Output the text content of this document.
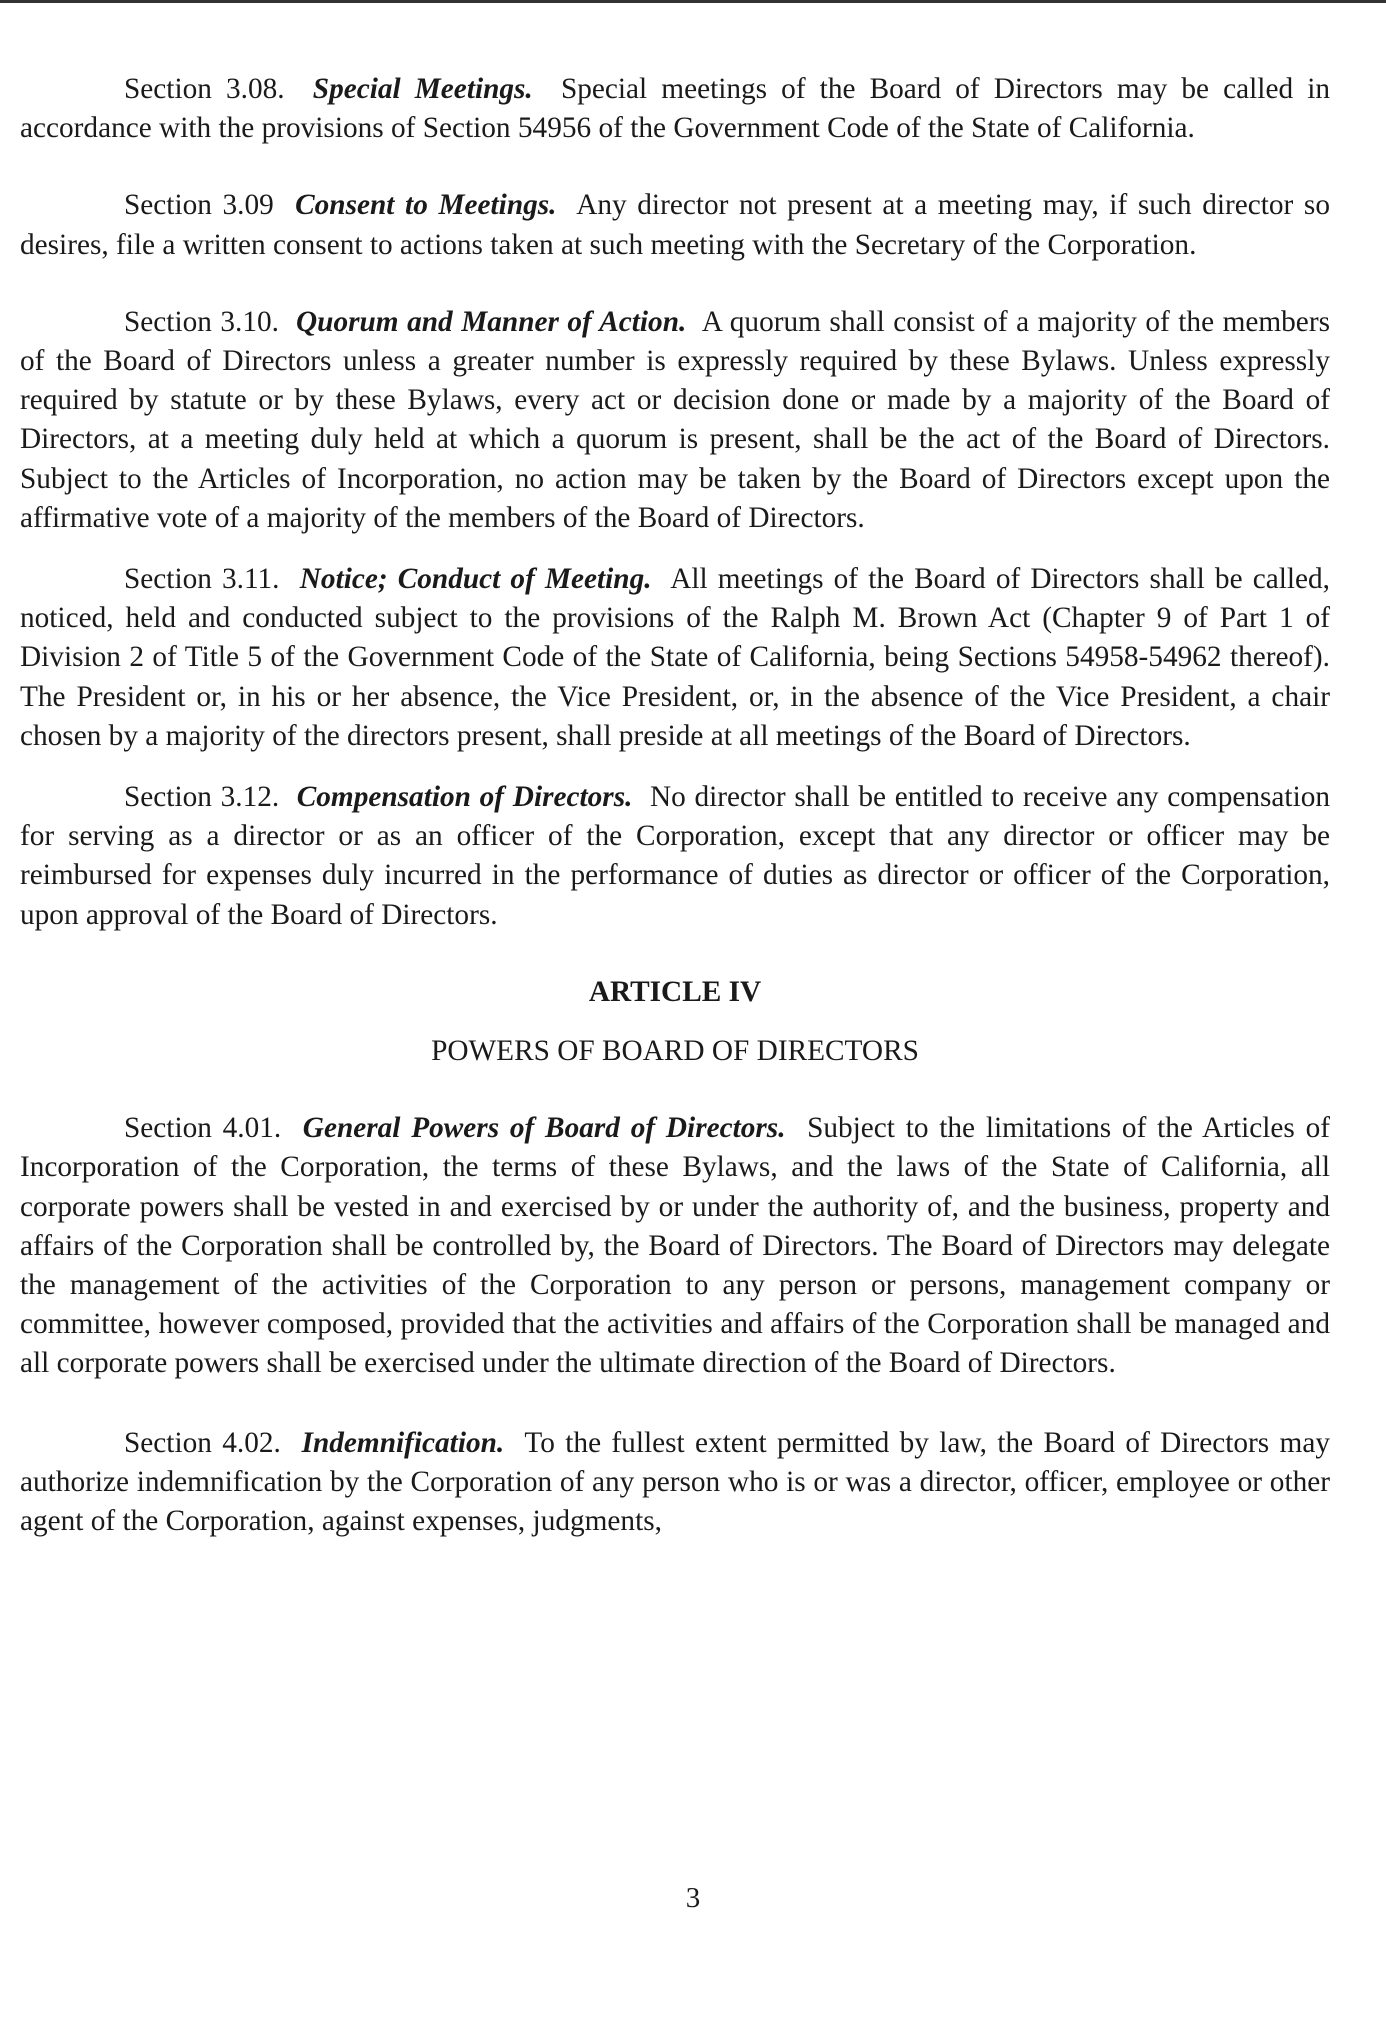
Section 3.08. Special Meetings. Special meetings of the Board of Directors may be called in accordance with the provisions of Section 54956 of the Government Code of the State of California.

Section 3.09 Consent to Meetings. Any director not present at a meeting may, if such director so desires, file a written consent to actions taken at such meeting with the Secretary of the Corporation.

Section 3.10. Quorum and Manner of Action. A quorum shall consist of a majority of the members of the Board of Directors unless a greater number is expressly required by these Bylaws. Unless expressly required by statute or by these Bylaws, every act or decision done or made by a majority of the Board of Directors, at a meeting duly held at which a quorum is present, shall be the act of the Board of Directors. Subject to the Articles of Incorporation, no action may be taken by the Board of Directors except upon the affirmative vote of a majority of the members of the Board of Directors.

Section 3.11. Notice; Conduct of Meeting. All meetings of the Board of Directors shall be called, noticed, held and conducted subject to the provisions of the Ralph M. Brown Act (Chapter 9 of Part 1 of Division 2 of Title 5 of the Government Code of the State of California, being Sections 54958-54962 thereof). The President or, in his or her absence, the Vice President, or, in the absence of the Vice President, a chair chosen by a majority of the directors present, shall preside at all meetings of the Board of Directors.

Section 3.12. Compensation of Directors. No director shall be entitled to receive any compensation for serving as a director or as an officer of the Corporation, except that any director or officer may be reimbursed for expenses duly incurred in the performance of duties as director or officer of the Corporation, upon approval of the Board of Directors.

ARTICLE IV
POWERS OF BOARD OF DIRECTORS

Section 4.01. General Powers of Board of Directors. Subject to the limitations of the Articles of Incorporation of the Corporation, the terms of these Bylaws, and the laws of the State of California, all corporate powers shall be vested in and exercised by or under the authority of, and the business, property and affairs of the Corporation shall be controlled by, the Board of Directors. The Board of Directors may delegate the management of the activities of the Corporation to any person or persons, management company or committee, however composed, provided that the activities and affairs of the Corporation shall be managed and all corporate powers shall be exercised under the ultimate direction of the Board of Directors.

Section 4.02. Indemnification. To the fullest extent permitted by law, the Board of Directors may authorize indemnification by the Corporation of any person who is or was a director, officer, employee or other agent of the Corporation, against expenses, judgments,

3
